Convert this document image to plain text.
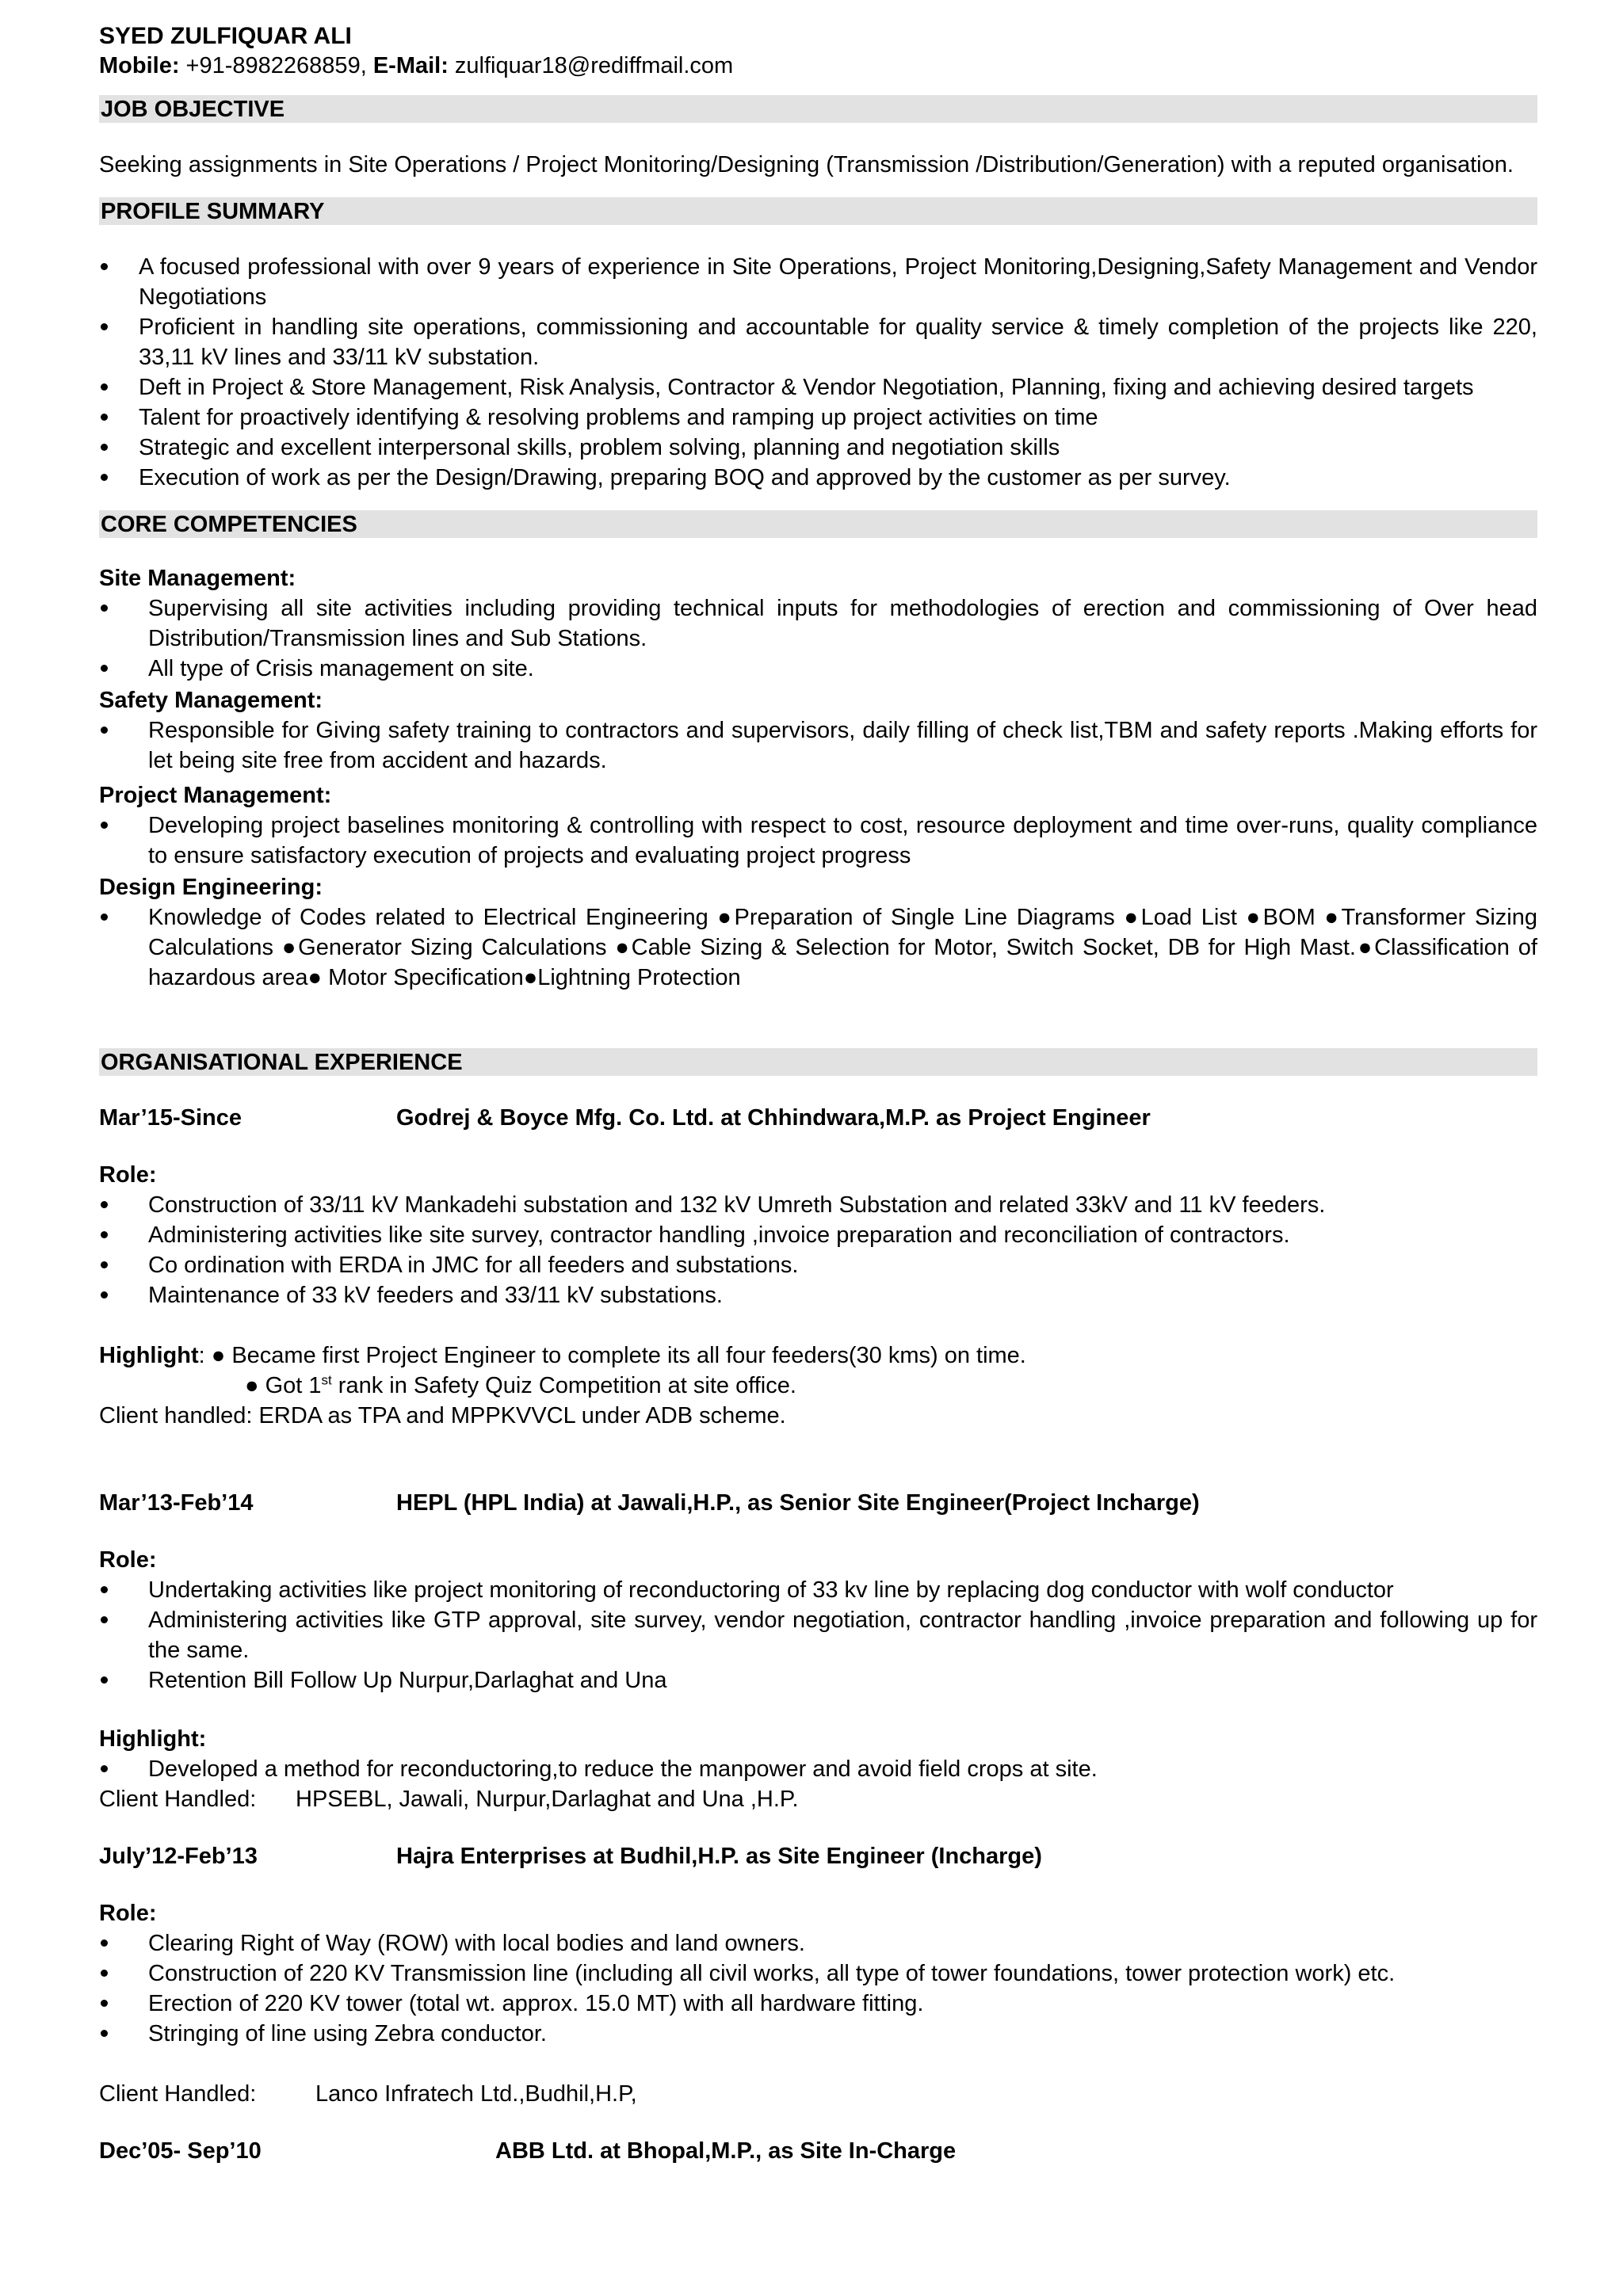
SYED ZULFIQUAR ALI
Mobile: +91-8982268859, E-Mail: zulfiquar18@rediffmail.com
JOB OBJECTIVE
Seeking assignments in Site Operations / Project Monitoring/Designing (Transmission /Distribution/Generation) with a reputed organisation.
PROFILE SUMMARY
A focused professional with over 9 years of experience in Site Operations, Project Monitoring,Designing,Safety Management and Vendor Negotiations
Proficient in handling site operations, commissioning and accountable for quality service & timely completion of the projects like 220, 33,11 kV lines and 33/11 kV substation.
Deft in Project & Store Management, Risk Analysis, Contractor & Vendor Negotiation, Planning, fixing and achieving desired targets
Talent for proactively identifying & resolving problems and ramping up project activities on time
Strategic and excellent interpersonal skills, problem solving, planning and negotiation skills
Execution of work as per the Design/Drawing, preparing BOQ and approved by the customer as per survey.
CORE COMPETENCIES
Site Management:
Supervising all site activities including providing technical inputs for methodologies of erection and commissioning of Over head Distribution/Transmission lines and Sub Stations.
All type of Crisis management on site.
Safety Management:
Responsible for Giving safety training to contractors and supervisors, daily filling of check list,TBM and safety reports .Making efforts for let being site free from accident and hazards.
Project Management:
Developing project baselines monitoring & controlling with respect to cost, resource deployment and time over-runs, quality compliance to ensure satisfactory execution of projects and evaluating project progress
Design Engineering:
Knowledge of Codes related to Electrical Engineering ●Preparation of Single Line Diagrams ●Load List ●BOM ●Transformer Sizing Calculations ●Generator Sizing Calculations ●Cable Sizing & Selection for Motor, Switch Socket, DB for High Mast.●Classification of hazardous area● Motor Specification●Lightning Protection
ORGANISATIONAL EXPERIENCE
Mar’15-Since	Godrej & Boyce Mfg. Co. Ltd. at Chhindwara,M.P. as Project Engineer
Role:
Construction of 33/11 kV Mankadehi substation and 132 kV Umreth Substation and related 33kV and 11 kV feeders.
Administering activities like site survey, contractor handling ,invoice preparation and reconciliation of contractors.
Co ordination with ERDA in JMC for all feeders and substations.
Maintenance of 33 kV feeders and 33/11 kV substations.
Highlight: ● Became first Project Engineer to complete its all four feeders(30 kms) on time.
● Got 1st rank in Safety Quiz Competition at site office.
Client handled: ERDA as TPA and MPPKVVCL under ADB scheme.
Mar’13-Feb’14	HEPL (HPL India) at Jawali,H.P., as Senior Site Engineer(Project Incharge)
Role:
Undertaking activities like project monitoring of reconductoring of 33 kv line by replacing dog conductor with wolf conductor
Administering activities like GTP approval, site survey, vendor negotiation, contractor handling ,invoice preparation and following up for the same.
Retention Bill Follow Up Nurpur,Darlaghat and Una
Highlight:
Developed a method for reconductoring,to reduce the manpower and avoid field crops at site.
Client Handled:	HPSEBL, Jawali, Nurpur,Darlaghat and Una ,H.P.
July’12-Feb’13	Hajra Enterprises at Budhil,H.P. as Site Engineer (Incharge)
Role:
Clearing Right of Way (ROW) with local bodies and land owners.
Construction of 220 KV Transmission line (including all civil works, all type of tower foundations, tower protection work) etc.
Erection of 220 KV tower (total wt. approx. 15.0 MT) with all hardware fitting.
Stringing of line using Zebra conductor.
Client Handled:	Lanco Infratech Ltd.,Budhil,H.P,
Dec’05- Sep’10	ABB Ltd. at Bhopal,M.P., as Site In-Charge
